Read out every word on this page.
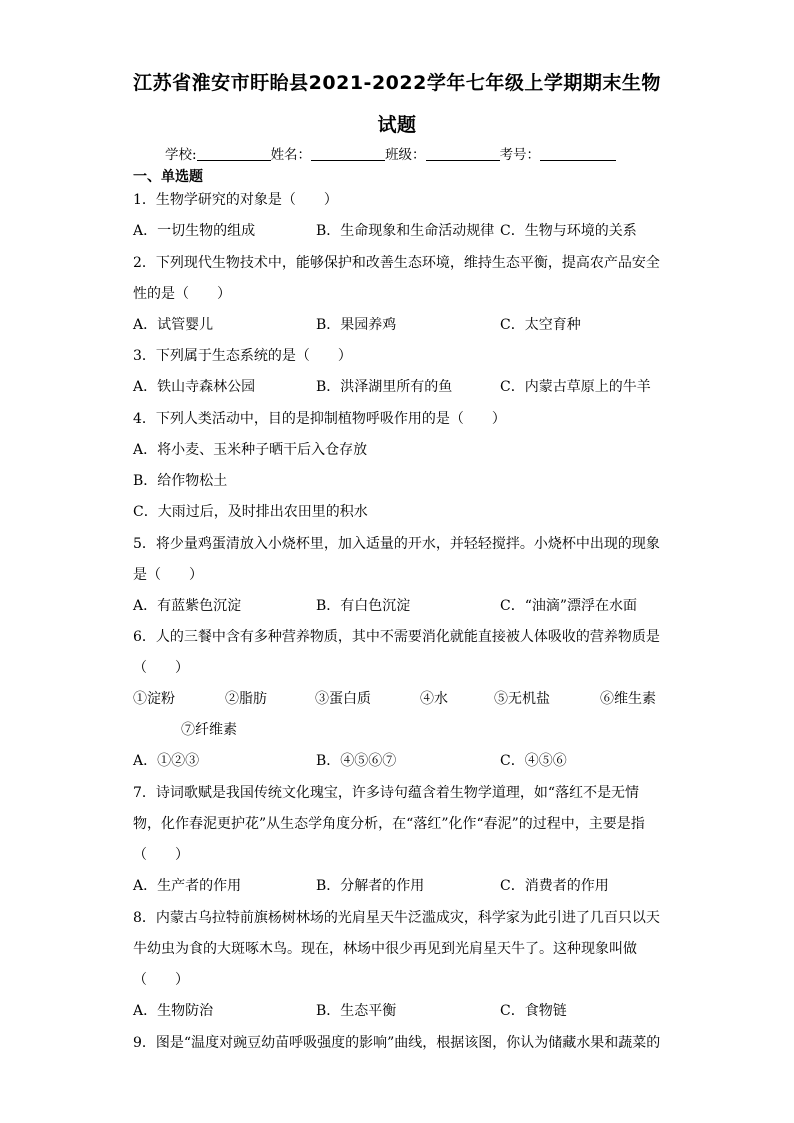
江苏省淮安市盱眙县2021-2022学年七年级上学期期末生物
试题
学校:	姓名：	班级：	考号：
一、单选题
1．生物学研究的对象是（　　）
A．一切生物的组成	B．生命现象和生命活动规律 C．生物与环境的关系
2．下列现代生物技术中，能够保护和改善生态环境，维持生态平衡，提高农产品安全
性的是（　　）
A．试管婴儿	B．果园养鸡	C．太空育种
3．下列属于生态系统的是（　　）
A．铁山寺森林公园	B．洪泽湖里所有的鱼	C．内蒙古草原上的牛羊
4．下列人类活动中，目的是抑制植物呼吸作用的是（　　）
A．将小麦、玉米种子晒干后入仓存放
B．给作物松土
C．大雨过后，及时排出农田里的积水
5．将少量鸡蛋清放入小烧杯里，加入适量的开水，并轻轻搅拌。小烧杯中出现的现象
是（　　）
A．有蓝紫色沉淀	B．有白色沉淀	C．“油滴”漂浮在水面
6．人的三餐中含有多种营养物质，其中不需要消化就能直接被人体吸收的营养物质是
（　　）
①淀粉	②脂肪	③蛋白质	④水	⑤无机盐	⑥维生素
⑦纤维素
A．①②③	B．④⑤⑥⑦	C．④⑤⑥
7．诗词歌赋是我国传统文化瑰宝，许多诗句蕴含着生物学道理，如“落红不是无情
物，化作春泥更护花”从生态学角度分析，在“落红”化作“春泥”的过程中，主要是指
（　　）
A．生产者的作用	B．分解者的作用	C．消费者的作用
8．内蒙古乌拉特前旗杨树林场的光肩星天牛泛滥成灾，科学家为此引进了几百只以天
牛幼虫为食的大斑啄木鸟。现在，林场中很少再见到光肩星天牛了。这种现象叫做
（　　）
A．生物防治	B．生态平衡	C．食物链
9．图是“温度对豌豆幼苗呼吸强度的影响”曲线，根据该图，你认为储藏水果和蔬菜的
